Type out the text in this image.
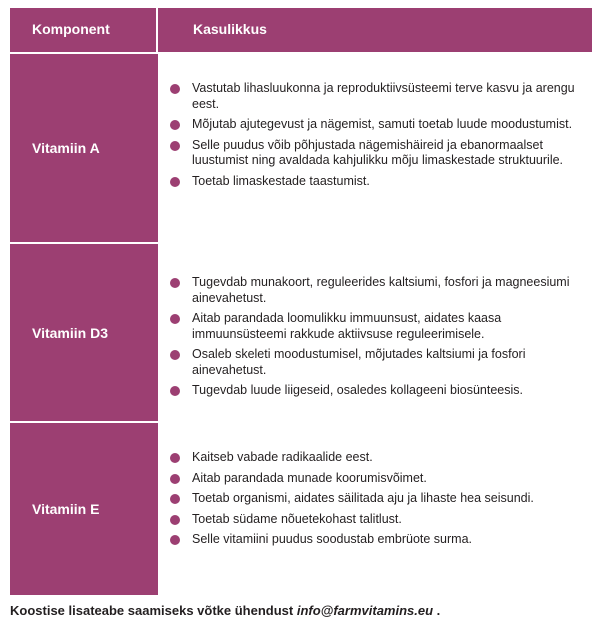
Komponent	Kasulikkus
Vitamiin A
Vastutab lihasluukonna ja reproduktiivsüsteemi terve kasvu ja arengu eest.
Mõjutab ajutegevust ja nägemist, samuti toetab luude moodustumist.
Selle puudus võib põhjustada nägemishäireid ja ebanormaalset luustumist ning avaldada kahjulikku mõju limaskestade struktuurile.
Toetab limaskestade taastumist.
Vitamiin D3
Tugevdab munakoort, reguleerides kaltsiumi, fosfori ja magneesiumi ainevahetust.
Aitab parandada loomulikku immuunsust, aidates kaasa immuunsüsteemi rakkude aktiivsuse reguleerimisele.
Osaleb skeleti moodustumisel, mõjutades kaltsiumi ja fosfori ainevahetust.
Tugevdab luude liigeseid, osaledes kollageeni biosünteesis.
Vitamiin E
Kaitseb vabade radikaalide eest.
Aitab parandada munade koorumisvõimet.
Toetab organismi, aidates säilitada aju ja lihaste hea seisundi.
Toetab südame nõuetekohast talitlust.
Selle vitamiini puudus soodustab embrüote surma.
Koostise lisateabe saamiseks võtke ühendust info@farmvitamins.eu .
